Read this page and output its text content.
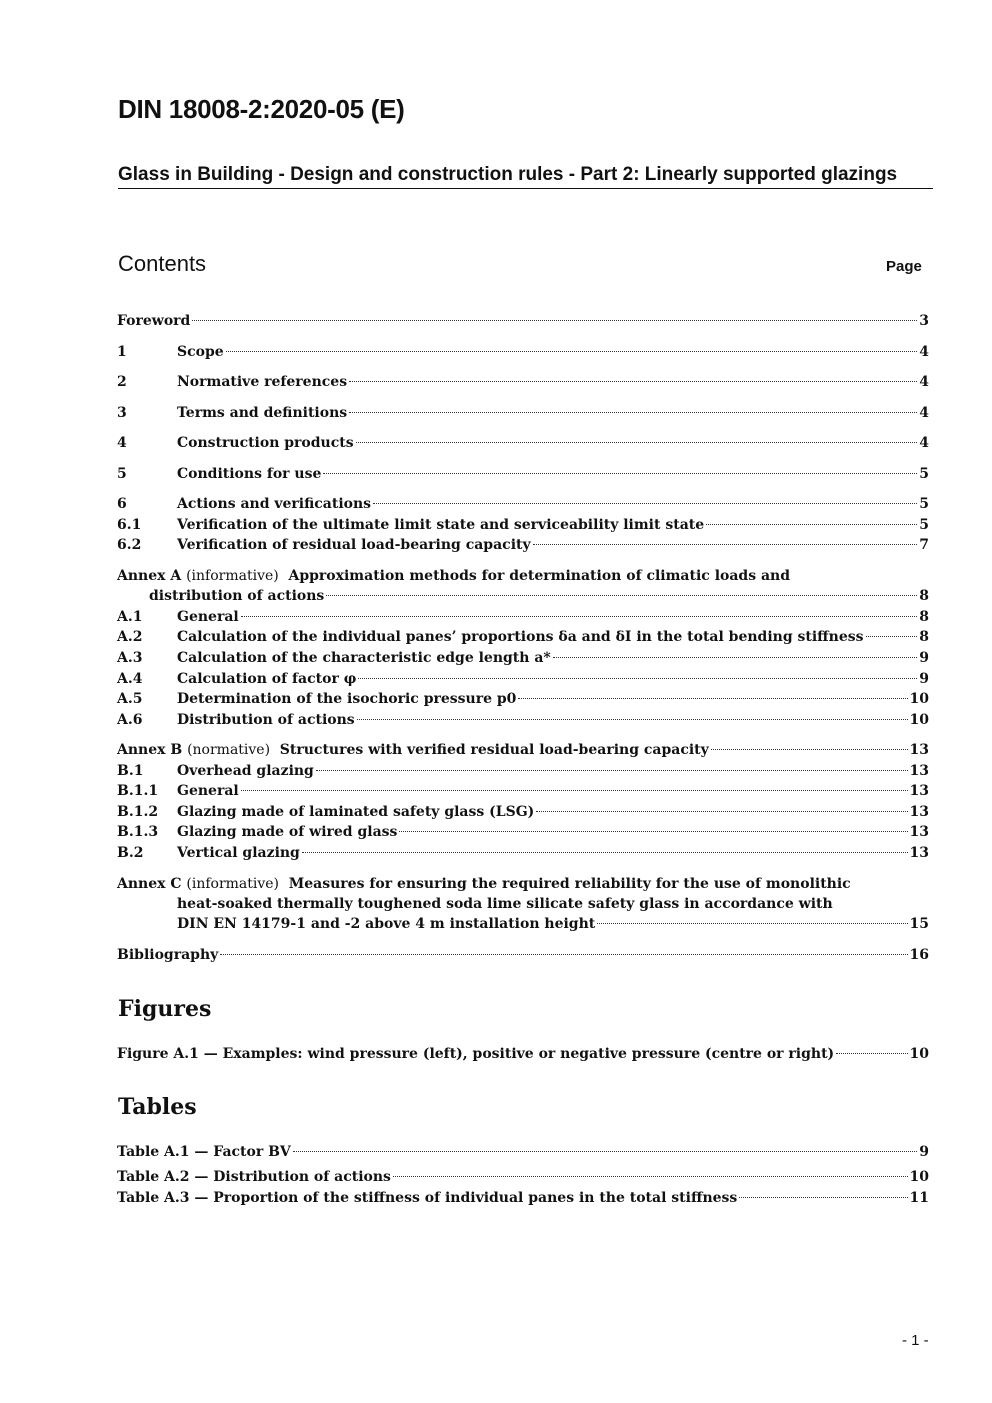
DIN 18008-2:2020-05 (E)
Glass in Building - Design and construction rules - Part 2: Linearly supported glazings
Contents	Page
Foreword	3
1	Scope	4
2	Normative references	4
3	Terms and definitions	4
4	Construction products	4
5	Conditions for use	5
6	Actions and verifications	5
6.1	Verification of the ultimate limit state and serviceability limit state	5
6.2	Verification of residual load-bearing capacity	7
Annex A (informative) Approximation methods for determination of climatic loads and
distribution of actions	8
A.1	General	8
A.2	Calculation of the individual panes’ proportions δa and δI in the total bending stiffness	8
A.3	Calculation of the characteristic edge length a*	9
A.4	Calculation of factor φ	9
A.5	Determination of the isochoric pressure p0	10
A.6	Distribution of actions	10
Annex B (normative) Structures with verified residual load-bearing capacity	13
B.1	Overhead glazing	13
B.1.1	General	13
B.1.2	Glazing made of laminated safety glass (LSG)	13
B.1.3	Glazing made of wired glass	13
B.2	Vertical glazing	13
Annex C (informative) Measures for ensuring the required reliability for the use of monolithic
heat-soaked thermally toughened soda lime silicate safety glass in accordance with
DIN EN 14179-1 and -2 above 4 m installation height	15
Bibliography	16
Figures
Figure A.1 — Examples: wind pressure (left), positive or negative pressure (centre or right)	10
Tables
Table A.1 — Factor BV	9
Table A.2 — Distribution of actions	10
Table A.3 — Proportion of the stiffness of individual panes in the total stiffness	11
- 1 -
